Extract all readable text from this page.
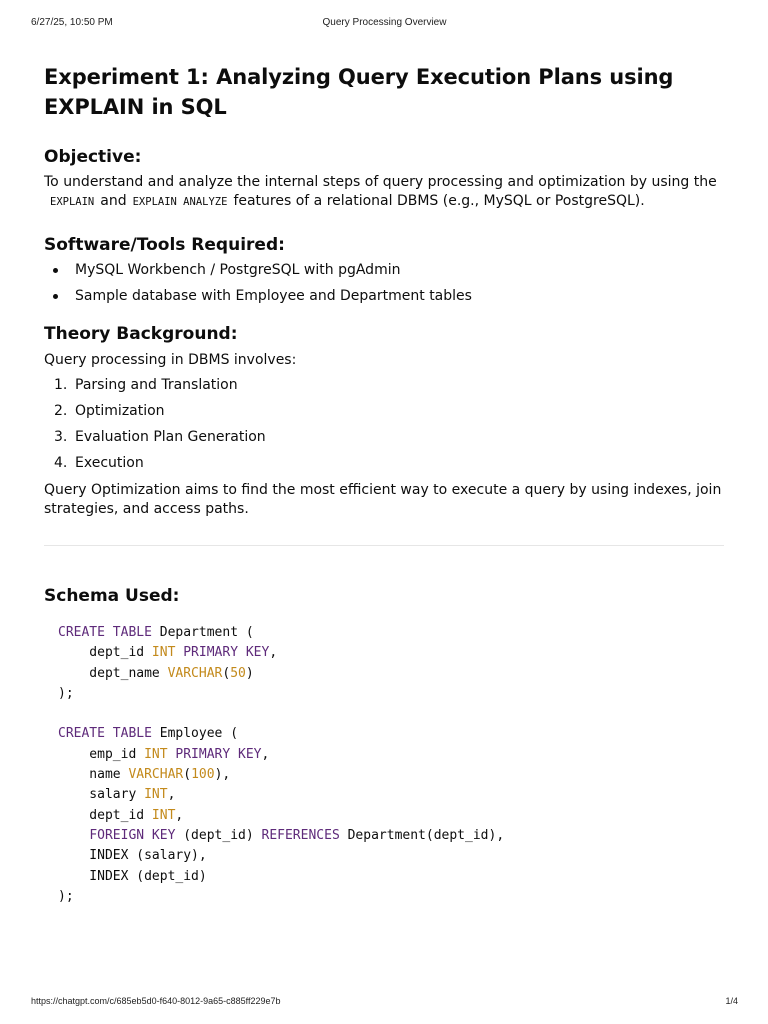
6/27/25, 10:50 PM	Query Processing Overview
Experiment 1: Analyzing Query Execution Plans using EXPLAIN in SQL
Objective:

To understand and analyze the internal steps of query processing and optimization by using the EXPLAIN and EXPLAIN ANALYZE features of a relational DBMS (e.g., MySQL or PostgreSQL).

Software/Tools Required:
MySQL Workbench / PostgreSQL with pgAdmin
Sample database with Employee and Department tables
Theory Background:

Query processing in DBMS involves:

1. Parsing and Translation
2. Optimization
3. Evaluation Plan Generation
4. Execution

Query Optimization aims to find the most efficient way to execute a query by using indexes, join strategies, and access paths.

Schema Used:
CREATE TABLE Department (
dept_id INT PRIMARY KEY,
dept_name VARCHAR(50)
);

CREATE TABLE Employee (
emp_id INT PRIMARY KEY,
name VARCHAR(100),
salary INT,
dept_id INT,
FOREIGN KEY (dept_id) REFERENCES Department(dept_id),
INDEX (salary),
INDEX (dept_id)
);
https://chatgpt.com/c/685eb5d0-f640-8012-9a65-c885ff229e7b	1/4
